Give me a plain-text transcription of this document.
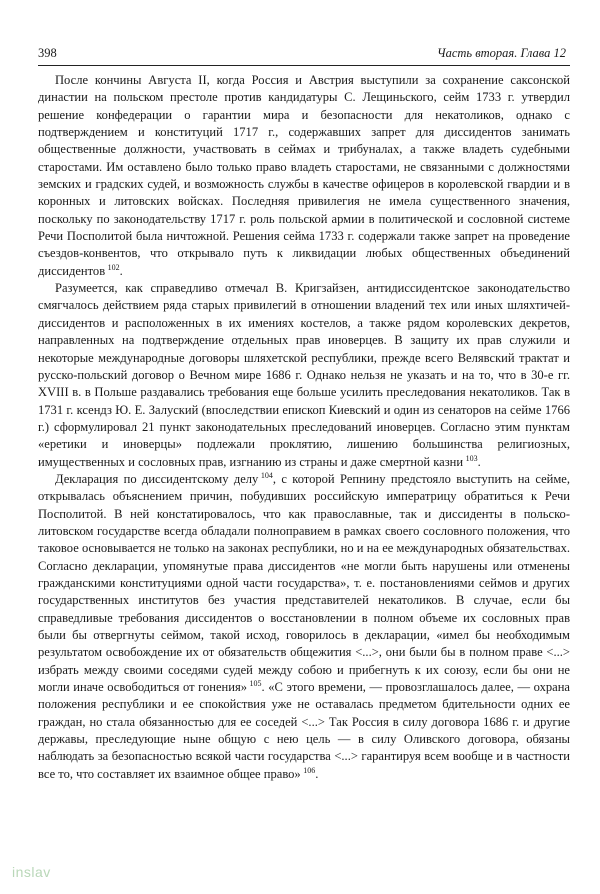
398	Часть вторая. Глава 12

После кончины Августа II, когда Россия и Австрия выступили за сохранение саксонской династии на польском престоле против кандидатуры С. Лещиньского, сейм 1733 г. утвердил решение конфедерации о гарантии мира и безопасности для некатоликов, однако с подтверждением и конституций 1717 г., содержавших запрет для диссидентов занимать общественные должности, участвовать в сеймах и трибуналах, а также владеть судебными старостами. Им оставлено было только право владеть старостами, не связанными с должностями земских и градских судей, и возможность службы в качестве офицеров в королевской гвардии и в коронных и литовских войсках. Последняя привилегия не имела существенного значения, поскольку по законодательству 1717 г. роль польской армии в политической и сословной системе Речи Посполитой была ничтожной. Решения сейма 1733 г. содержали также запрет на проведение съездов-конвентов, что открывало путь к ликвидации любых общественных объединений диссидентов  $^{102}$.

Разумеется, как справедливо отмечал В. Кригзайзен, антидиссидентское законодательство смягчалось действием ряда старых привилегий в отношении владений тех или иных шляхтичей-диссидентов и расположенных в их имениях костелов, а также рядом королевских декретов, направленных на подтверждение отдельных прав иноверцев. В защиту их прав служили и некоторые международные договоры шляхетской республики, прежде всего Велявский трактат и русско-польский договор о Вечном мире 1686 г. Однако нельзя не указать и на то, что в 30-е гг. XVIII в. в Польше раздавались требования еще больше усилить преследования некатоликов. Так в 1731 г. ксендз Ю. Е. Залуский (впоследствии епископ Киевский и один из сенаторов на сейме 1766 г.) сформулировал 21 пункт законодательных преследований иноверцев. Согласно этим пунктам «еретики и иноверцы» подлежали проклятию, лишению большинства религиозных, имущественных и сословных прав, изгнанию из страны и даже смертной казни  $^{103}$.

Декларация по диссидентскому делу  $^{104}$, с которой Репнину предстояло выступить на сейме, открывалась объяснением причин, побудивших российскую императрицу обратиться к Речи Посполитой. В ней констатировалось, что как православные, так и диссиденты в польско-литовском государстве всегда обладали полноправием в рамках своего сословного положения, что таковое основывается не только на законах республики, но и на ее международных обязательствах. Согласно декларации, упомянутые права диссидентов «не могли быть нарушены или отменены гражданскими конституциями одной части государства», т. е. постановлениями сеймов и других государственных институтов без участия представителей некатоликов. В случае, если бы справедливые требования диссидентов о восстановлении в полном объеме их сословных прав были бы отвергнуты сеймом, такой исход, говорилось в декларации, «имел бы необходимым результатом освобождение их от обязательств общежития <...>, они были бы в полном праве <...> избрать между своими соседями судей между собою и прибегнуть к их союзу, если бы они не могли иначе освободиться от гонения»  $^{105}$. «С этого времени, — провозглашалось далее, — охрана положения республики и ее спокойствия уже не оставалась предметом бдительности одних ее граждан, но стала обязанностью для ее соседей <...> Так Россия в силу договора 1686 г. и другие державы, преследующие ныне общую с нею цель — в силу Оливского договора, обязаны наблюдать за безопасностью всякой части государства <...> гарантируя всем вообще и в частности все то, что составляет их взаимное общее право»  $^{106}$.

inslav
